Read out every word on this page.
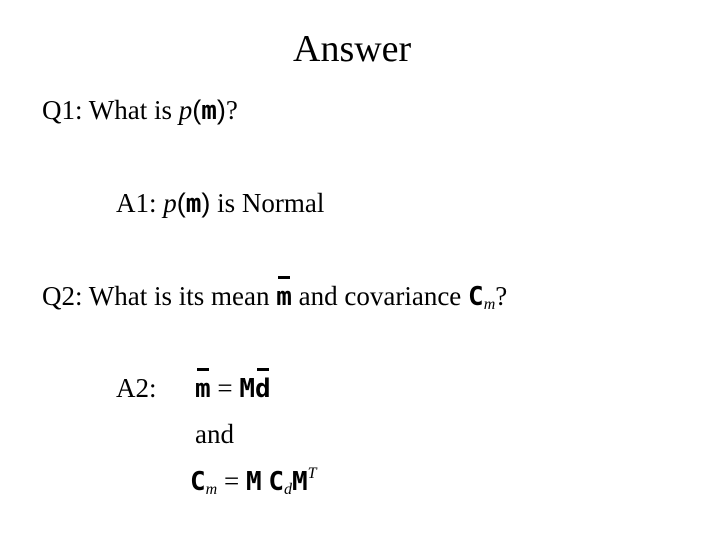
Answer
Q1: What is p(m)?
A1: p(m) is Normal
Q2: What is its mean m and covariance $C_m$?
A2: m = Md
and
$C_m = M$ $C_dM^T$
